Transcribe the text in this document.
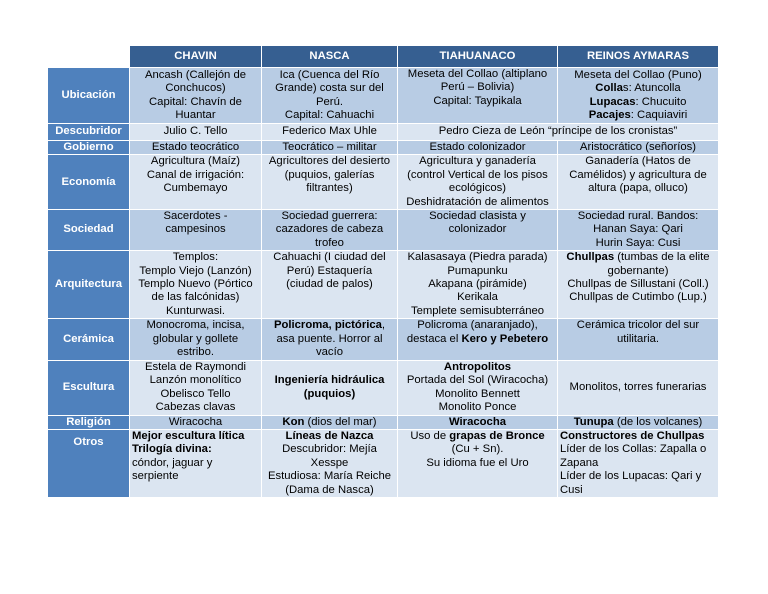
	CHAVIN	NASCA	TIAHUANACO	REINOS AYMARAS
Ubicación	Ancash (Callejón de
Conchucos)
Capital: Chavín de
Huantar	Ica (Cuenca del Río
Grande) costa sur del
Perú.
Capital: Cahuachi	Meseta del Collao (altiplano
Perú – Bolivia)
Capital: Taypikala	Meseta del Collao (Puno)
Collas: Atuncolla
Lupacas: Chucuito
Pacajes: Caquiaviri

Descubridor	Julio C. Tello	Federico Max Uhle	Pedro Cieza de León “príncipe de los cronistas”	
Gobierno	Estado teocrático	Teocrático – militar	Estado colonizador	Aristocrático (señoríos)
Economía	Agricultura (Maíz)
Canal de irrigación:
Cumbemayo	Agricultores del desierto
(puquios, galerías
filtrantes)	Agricultura y ganadería
(control Vertical de los pisos
ecológicos)
Deshidratación de alimentos	Ganadería (Hatos de
Camélidos) y agricultura de
altura (papa, olluco)

Sociedad	Sacerdotes -
campesinos	Sociedad guerrera:
cazadores de cabeza
trofeo	Sociedad clasista y
colonizador	Sociedad rural. Bandos:
Hanan Saya: Qari
Hurin Saya: Cusi

Arquitectura	Templos:
Templo Viejo (Lanzón)
Templo Nuevo (Pórtico
de las falcónidas)
Kunturwasi.	Cahuachi (I ciudad del
Perú) Estaquería
(ciudad de palos)	Kalasasaya (Piedra parada)
Pumapunku
Akapana (pirámide)
Kerikala
Templete semisubterráneo	Chullpas (tumbas de la elite
gobernante)
Chullpas de Sillustani (Coll.)
Chullpas de Cutimbo (Lup.)

Cerámica	Monocroma, incisa,
globular y gollete
estribo.	Policroma, pictórica,
asa puente. Horror al
vacío	Policroma (anaranjado),
destaca el Kero y Pebetero	Cerámica tricolor del sur
utilitaria.

Escultura	Estela de Raymondi
Lanzón monolítico
Obelisco Tello
Cabezas clavas	Ingeniería hidráulica
(puquios)	Antropolitos
Portada del Sol (Wiracocha)
Monolito Bennett
Monolito Ponce	Monolitos, torres funerarias

Religión	Wiracocha	Kon (dios del mar)	Wiracocha	Tunupa (de los volcanes)
Otros	Mejor escultura lítica
Trilogía divina:
cóndor, jaguar y
serpiente	Líneas de Nazca
Descubridor: Mejía
Xesspe
Estudiosa: María Reiche
(Dama de Nasca)	Uso de grapas de Bronce
(Cu + Sn).
Su idioma fue el Uro	Constructores de Chullpas
Líder de los Collas: Zapalla o
Zapana
Líder de los Lupacas: Qari y
Cusi
